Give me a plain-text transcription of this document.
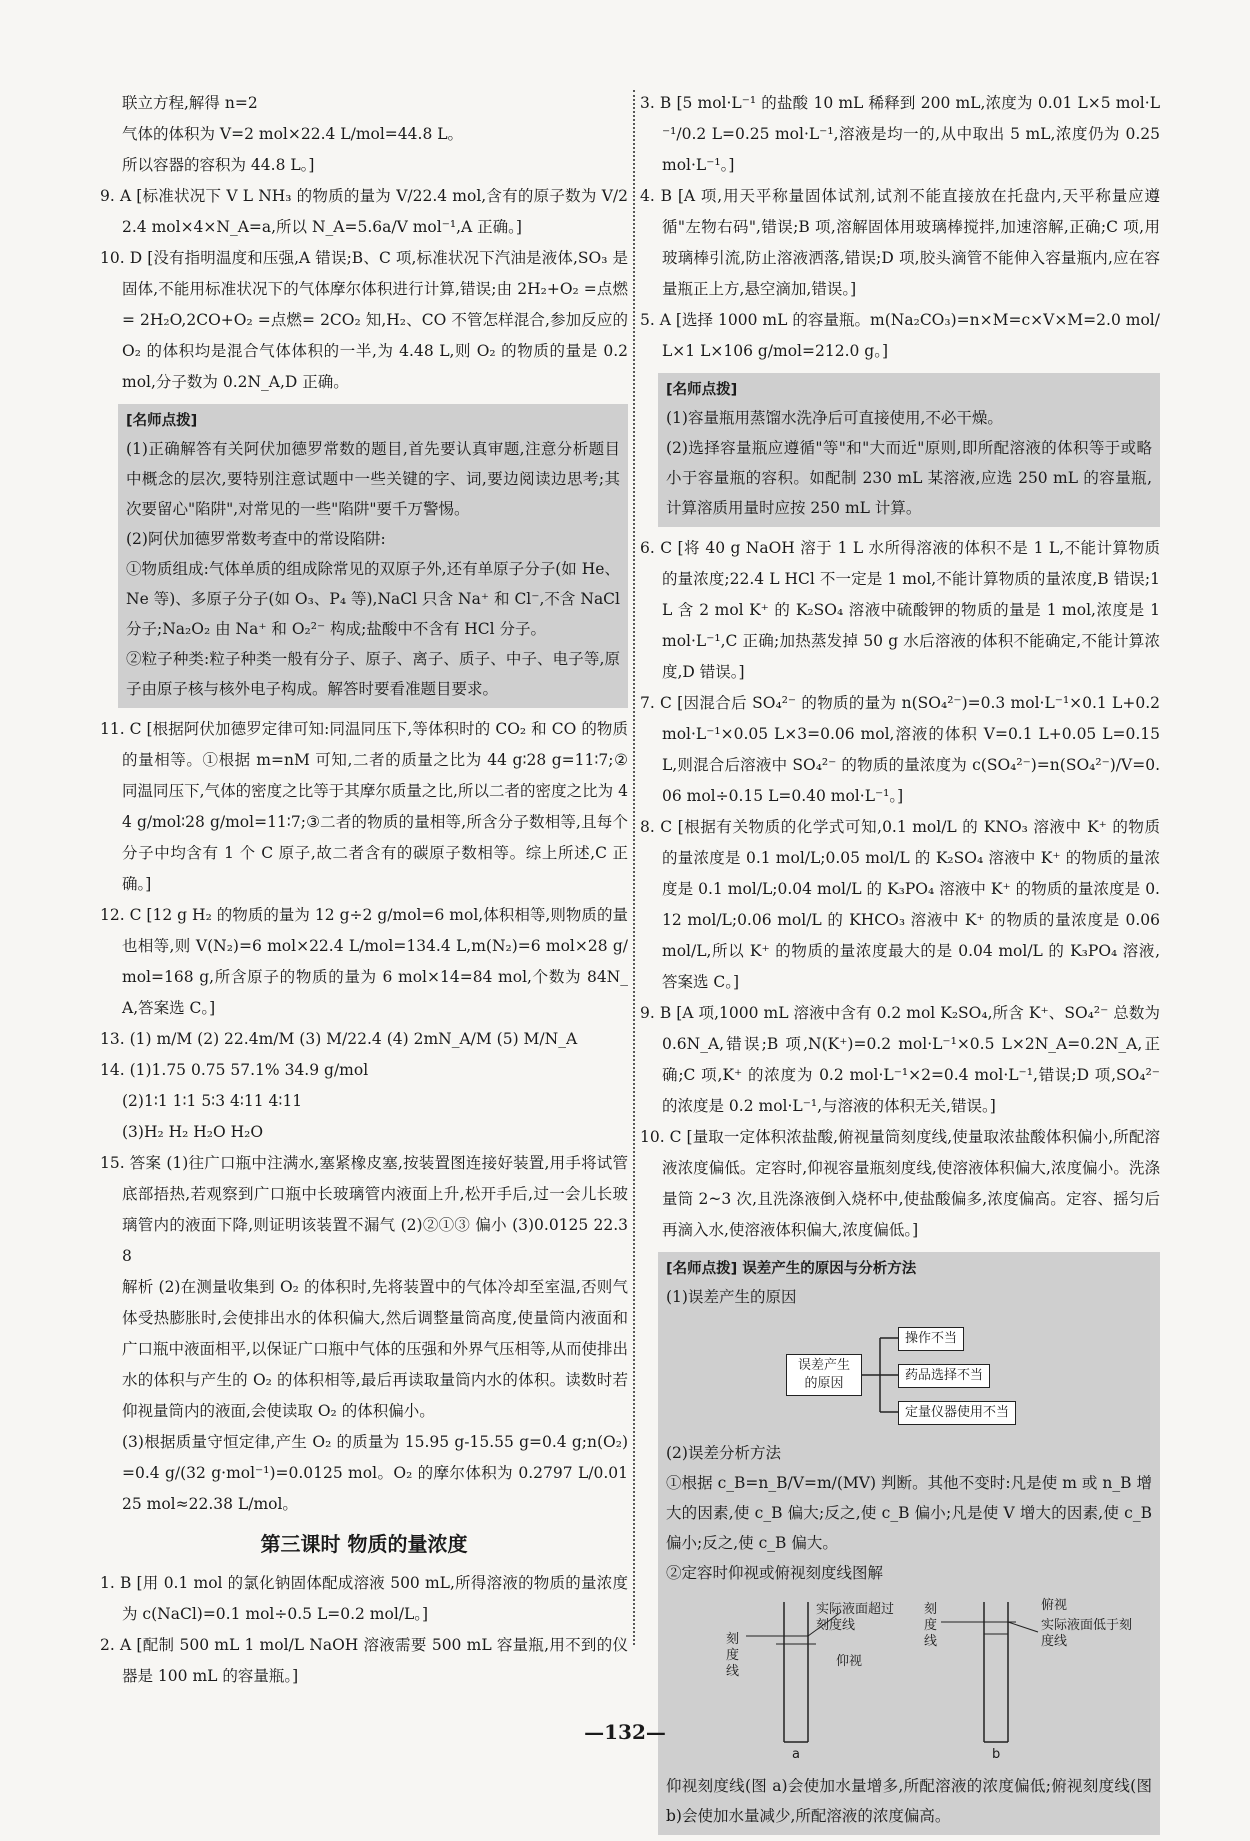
联立方程,解得 n=2

气体的体积为 V=2 mol×22.4 L/mol=44.8 L。

所以容器的容积为 44.8 L。]

9. A [标准状况下 V L NH₃ 的物质的量为 V/22.4 mol,含有的原子数为 V/22.4 mol×4×N_A=a,所以 N_A=5.6a/V mol⁻¹,A 正确。]

10. D [没有指明温度和压强,A 错误;B、C 项,标准状况下汽油是液体,SO₃ 是固体,不能用标准状况下的气体摩尔体积进行计算,错误;由 2H₂+O₂ =点燃= 2H₂O,2CO+O₂ =点燃= 2CO₂ 知,H₂、CO 不管怎样混合,参加反应的 O₂ 的体积均是混合气体体积的一半,为 4.48 L,则 O₂ 的物质的量是 0.2 mol,分子数为 0.2N_A,D 正确。

[名师点拨]

(1)正确解答有关阿伏加德罗常数的题目,首先要认真审题,注意分析题目中概念的层次,要特别注意试题中一些关键的字、词,要边阅读边思考;其次要留心"陷阱",对常见的一些"陷阱"要千万警惕。

(2)阿伏加德罗常数考查中的常设陷阱:

①物质组成:气体单质的组成除常见的双原子外,还有单原子分子(如 He、Ne 等)、多原子分子(如 O₃、P₄ 等),NaCl 只含 Na⁺ 和 Cl⁻,不含 NaCl 分子;Na₂O₂ 由 Na⁺ 和 O₂²⁻ 构成;盐酸中不含有 HCl 分子。

②粒子种类:粒子种类一般有分子、原子、离子、质子、中子、电子等,原子由原子核与核外电子构成。解答时要看准题目要求。

11. C [根据阿伏加德罗定律可知:同温同压下,等体积时的 CO₂ 和 CO 的物质的量相等。①根据 m=nM 可知,二者的质量之比为 44 g∶28 g=11∶7;②同温同压下,气体的密度之比等于其摩尔质量之比,所以二者的密度之比为 44 g/mol∶28 g/mol=11∶7;③二者的物质的量相等,所含分子数相等,且每个分子中均含有 1 个 C 原子,故二者含有的碳原子数相等。综上所述,C 正确。]

12. C [12 g H₂ 的物质的量为 12 g÷2 g/mol=6 mol,体积相等,则物质的量也相等,则 V(N₂)=6 mol×22.4 L/mol=134.4 L,m(N₂)=6 mol×28 g/mol=168 g,所含原子的物质的量为 6 mol×14=84 mol,个数为 84N_A,答案选 C。]

13. (1) m/M (2) 22.4m/M (3) M/22.4 (4) 2mN_A/M (5) M/N_A

14. (1)1.75 0.75 57.1% 34.9 g/mol

(2)1∶1 1∶1 5∶3 4∶11 4∶11

(3)H₂ H₂ H₂O H₂O

15. 答案 (1)往广口瓶中注满水,塞紧橡皮塞,按装置图连接好装置,用手将试管底部捂热,若观察到广口瓶中长玻璃管内液面上升,松开手后,过一会儿长玻璃管内的液面下降,则证明该装置不漏气 (2)②①③ 偏小 (3)0.0125 22.38

解析 (2)在测量收集到 O₂ 的体积时,先将装置中的气体冷却至室温,否则气体受热膨胀时,会使排出水的体积偏大,然后调整量筒高度,使量筒内液面和广口瓶中液面相平,以保证广口瓶中气体的压强和外界气压相等,从而使排出水的体积与产生的 O₂ 的体积相等,最后再读取量筒内水的体积。读数时若仰视量筒内的液面,会使读取 O₂ 的体积偏小。

(3)根据质量守恒定律,产生 O₂ 的质量为 15.95 g-15.55 g=0.4 g;n(O₂)=0.4 g/(32 g·mol⁻¹)=0.0125 mol。O₂ 的摩尔体积为 0.2797 L/0.0125 mol≈22.38 L/mol。

第三课时 物质的量浓度

1. B [用 0.1 mol 的氯化钠固体配成溶液 500 mL,所得溶液的物质的量浓度为 c(NaCl)=0.1 mol÷0.5 L=0.2 mol/L。]

2. A [配制 500 mL 1 mol/L NaOH 溶液需要 500 mL 容量瓶,用不到的仪器是 100 mL 的容量瓶。]

3. B [5 mol·L⁻¹ 的盐酸 10 mL 稀释到 200 mL,浓度为 0.01 L×5 mol·L⁻¹/0.2 L=0.25 mol·L⁻¹,溶液是均一的,从中取出 5 mL,浓度仍为 0.25 mol·L⁻¹。]

4. B [A 项,用天平称量固体试剂,试剂不能直接放在托盘内,天平称量应遵循"左物右码",错误;B 项,溶解固体用玻璃棒搅拌,加速溶解,正确;C 项,用玻璃棒引流,防止溶液洒落,错误;D 项,胶头滴管不能伸入容量瓶内,应在容量瓶正上方,悬空滴加,错误。]

5. A [选择 1000 mL 的容量瓶。m(Na₂CO₃)=n×M=c×V×M=2.0 mol/L×1 L×106 g/mol=212.0 g。]

[名师点拨]

(1)容量瓶用蒸馏水洗净后可直接使用,不必干燥。

(2)选择容量瓶应遵循"等"和"大而近"原则,即所配溶液的体积等于或略小于容量瓶的容积。如配制 230 mL 某溶液,应选 250 mL 的容量瓶,计算溶质用量时应按 250 mL 计算。

6. C [将 40 g NaOH 溶于 1 L 水所得溶液的体积不是 1 L,不能计算物质的量浓度;22.4 L HCl 不一定是 1 mol,不能计算物质的量浓度,B 错误;1 L 含 2 mol K⁺ 的 K₂SO₄ 溶液中硫酸钾的物质的量是 1 mol,浓度是 1 mol·L⁻¹,C 正确;加热蒸发掉 50 g 水后溶液的体积不能确定,不能计算浓度,D 错误。]

7. C [因混合后 SO₄²⁻ 的物质的量为 n(SO₄²⁻)=0.3 mol·L⁻¹×0.1 L+0.2 mol·L⁻¹×0.05 L×3=0.06 mol,溶液的体积 V=0.1 L+0.05 L=0.15 L,则混合后溶液中 SO₄²⁻ 的物质的量浓度为 c(SO₄²⁻)=n(SO₄²⁻)/V=0.06 mol÷0.15 L=0.40 mol·L⁻¹。]

8. C [根据有关物质的化学式可知,0.1 mol/L 的 KNO₃ 溶液中 K⁺ 的物质的量浓度是 0.1 mol/L;0.05 mol/L 的 K₂SO₄ 溶液中 K⁺ 的物质的量浓度是 0.1 mol/L;0.04 mol/L 的 K₃PO₄ 溶液中 K⁺ 的物质的量浓度是 0.12 mol/L;0.06 mol/L 的 KHCO₃ 溶液中 K⁺ 的物质的量浓度是 0.06 mol/L,所以 K⁺ 的物质的量浓度最大的是 0.04 mol/L 的 K₃PO₄ 溶液,答案选 C。]

9. B [A 项,1000 mL 溶液中含有 0.2 mol K₂SO₄,所含 K⁺、SO₄²⁻ 总数为 0.6N_A,错误;B 项,N(K⁺)=0.2 mol·L⁻¹×0.5 L×2N_A=0.2N_A,正确;C 项,K⁺ 的浓度为 0.2 mol·L⁻¹×2=0.4 mol·L⁻¹,错误;D 项,SO₄²⁻ 的浓度是 0.2 mol·L⁻¹,与溶液的体积无关,错误。]

10. C [量取一定体积浓盐酸,俯视量筒刻度线,使量取浓盐酸体积偏小,所配溶液浓度偏低。定容时,仰视容量瓶刻度线,使溶液体积偏大,浓度偏小。洗涤量筒 2~3 次,且洗涤液倒入烧杯中,使盐酸偏多,浓度偏高。定容、摇匀后再滴入水,使溶液体积偏大,浓度偏低。]

[名师点拨] 误差产生的原因与分析方法
(1)误差产生的原因
误差产生的原因
操作不当
药品选择不当
定量仪器使用不当
(2)误差分析方法

①根据 c_B=n_B/V=m/(MV) 判断。其他不变时:凡是使 m 或 n_B 增大的因素,使 c_B 偏大;反之,使 c_B 偏小;凡是使 V 增大的因素,使 c_B 偏小;反之,使 c_B 偏大。

②定容时仰视或俯视刻度线图解

刻度线
实际液面超过刻度线
仰视
a
刻度线
俯视
实际液面低于刻度线
b

仰视刻度线(图 a)会使加水量增多,所配溶液的浓度偏低;俯视刻度线(图 b)会使加水量减少,所配溶液的浓度偏高。

—132—
